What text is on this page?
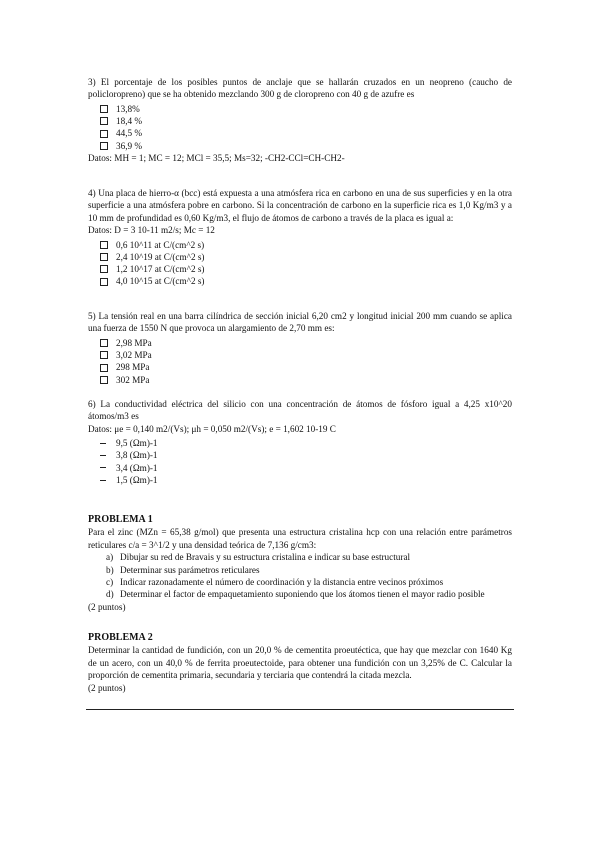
3) El porcentaje de los posibles puntos de anclaje que se hallarán cruzados en un neopreno (caucho de policloropreno) que se ha obtenido mezclando 300 g de cloropreno con 40 g de azufre es

13,8%
18,4 %
44,5 %
36,9 %

Datos: MH = 1; MC = 12; MCl = 35,5; Ms=32; -CH2-CCl=CH-CH2-

4) Una placa de hierro-α (bcc) está expuesta a una atmósfera rica en carbono en una de sus superficies y en la otra superficie a una atmósfera pobre en carbono. Si la concentración de carbono en la superficie rica es 1,0 Kg/m3 y a 10 mm de profundidad es 0,60 Kg/m3, el flujo de átomos de carbono a través de la placa es igual a:

Datos: D = 3 10-11 m2/s; Mc = 12

0,6 10^11 at C/(cm^2 s)
2,4 10^19 at C/(cm^2 s)
1,2 10^17 at C/(cm^2 s)
4,0 10^15 at C/(cm^2 s)

5) La tensión real en una barra cilíndrica de sección inicial 6,20 cm2 y longitud inicial 200 mm cuando se aplica una fuerza de 1550 N que provoca un alargamiento de 2,70 mm es:

2,98 MPa
3,02 MPa
298 MPa
302 MPa

6) La conductividad eléctrica del silicio con una concentración de átomos de fósforo igual a 4,25 x10^20 átomos/m3 es

Datos: μe = 0,140 m2/(Vs); μh = 0,050 m2/(Vs); e = 1,602 10-19 C

9,5 (Ωm)-1
3,8 (Ωm)-1
3,4 (Ωm)-1
1,5 (Ωm)-1

PROBLEMA 1

Para el zinc (MZn = 65,38 g/mol) que presenta una estructura cristalina hcp con una relación entre parámetros reticulares c/a = 3^1/2 y una densidad teórica de 7,136 g/cm3:

a) Dibujar su red de Bravais y su estructura cristalina e indicar su base estructural
b) Determinar sus parámetros reticulares
c) Indicar razonadamente el número de coordinación y la distancia entre vecinos próximos
d) Determinar el factor de empaquetamiento suponiendo que los átomos tienen el mayor radio posible

(2 puntos)

PROBLEMA 2

Determinar la cantidad de fundición, con un 20,0 % de cementita proeutéctica, que hay que mezclar con 1640 Kg de un acero, con un 40,0 % de ferrita proeutectoide, para obtener una fundición con un 3,25% de C. Calcular la proporción de cementita primaria, secundaria y terciaria que contendrá la citada mezcla.

(2 puntos)
